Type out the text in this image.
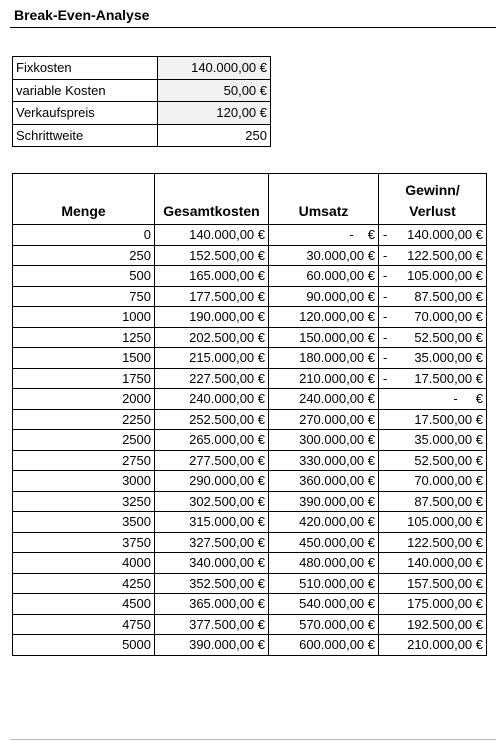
Break-Even-Analyse
Fixkosten	140.000,00 €
variable Kosten	50,00 €
Verkaufspreis	120,00 €
Schrittweite	250
Menge	Gesamtkosten	Umsatz	Gewinn/
Verlust
0	140.000,00 €	- €	- 140.000,00 €

250	152.500,00 €	30.000,00 €	- 122.500,00 €

500	165.000,00 €	60.000,00 €	- 105.000,00 €

750	177.500,00 €	90.000,00 €	- 87.500,00 €

1000	190.000,00 €	120.000,00 €	- 70.000,00 €

1250	202.500,00 €	150.000,00 €	- 52.500,00 €

1500	215.000,00 €	180.000,00 €	- 35.000,00 €

1750	227.500,00 €	210.000,00 €	- 17.500,00 €

2000	240.000,00 €	240.000,00 €	-     €

2250	252.500,00 €	270.000,00 €	17.500,00 €

2500	265.000,00 €	300.000,00 €	35.000,00 €

2750	277.500,00 €	330.000,00 €	52.500,00 €

3000	290.000,00 €	360.000,00 €	70.000,00 €

3250	302.500,00 €	390.000,00 €	87.500,00 €

3500	315.000,00 €	420.000,00 €	105.000,00 €

3750	327.500,00 €	450.000,00 €	122.500,00 €

4000	340.000,00 €	480.000,00 €	140.000,00 €

4250	352.500,00 €	510.000,00 €	157.500,00 €

4500	365.000,00 €	540.000,00 €	175.000,00 €

4750	377.500,00 €	570.000,00 €	192.500,00 €

5000	390.000,00 €	600.000,00 €	210.000,00 €
